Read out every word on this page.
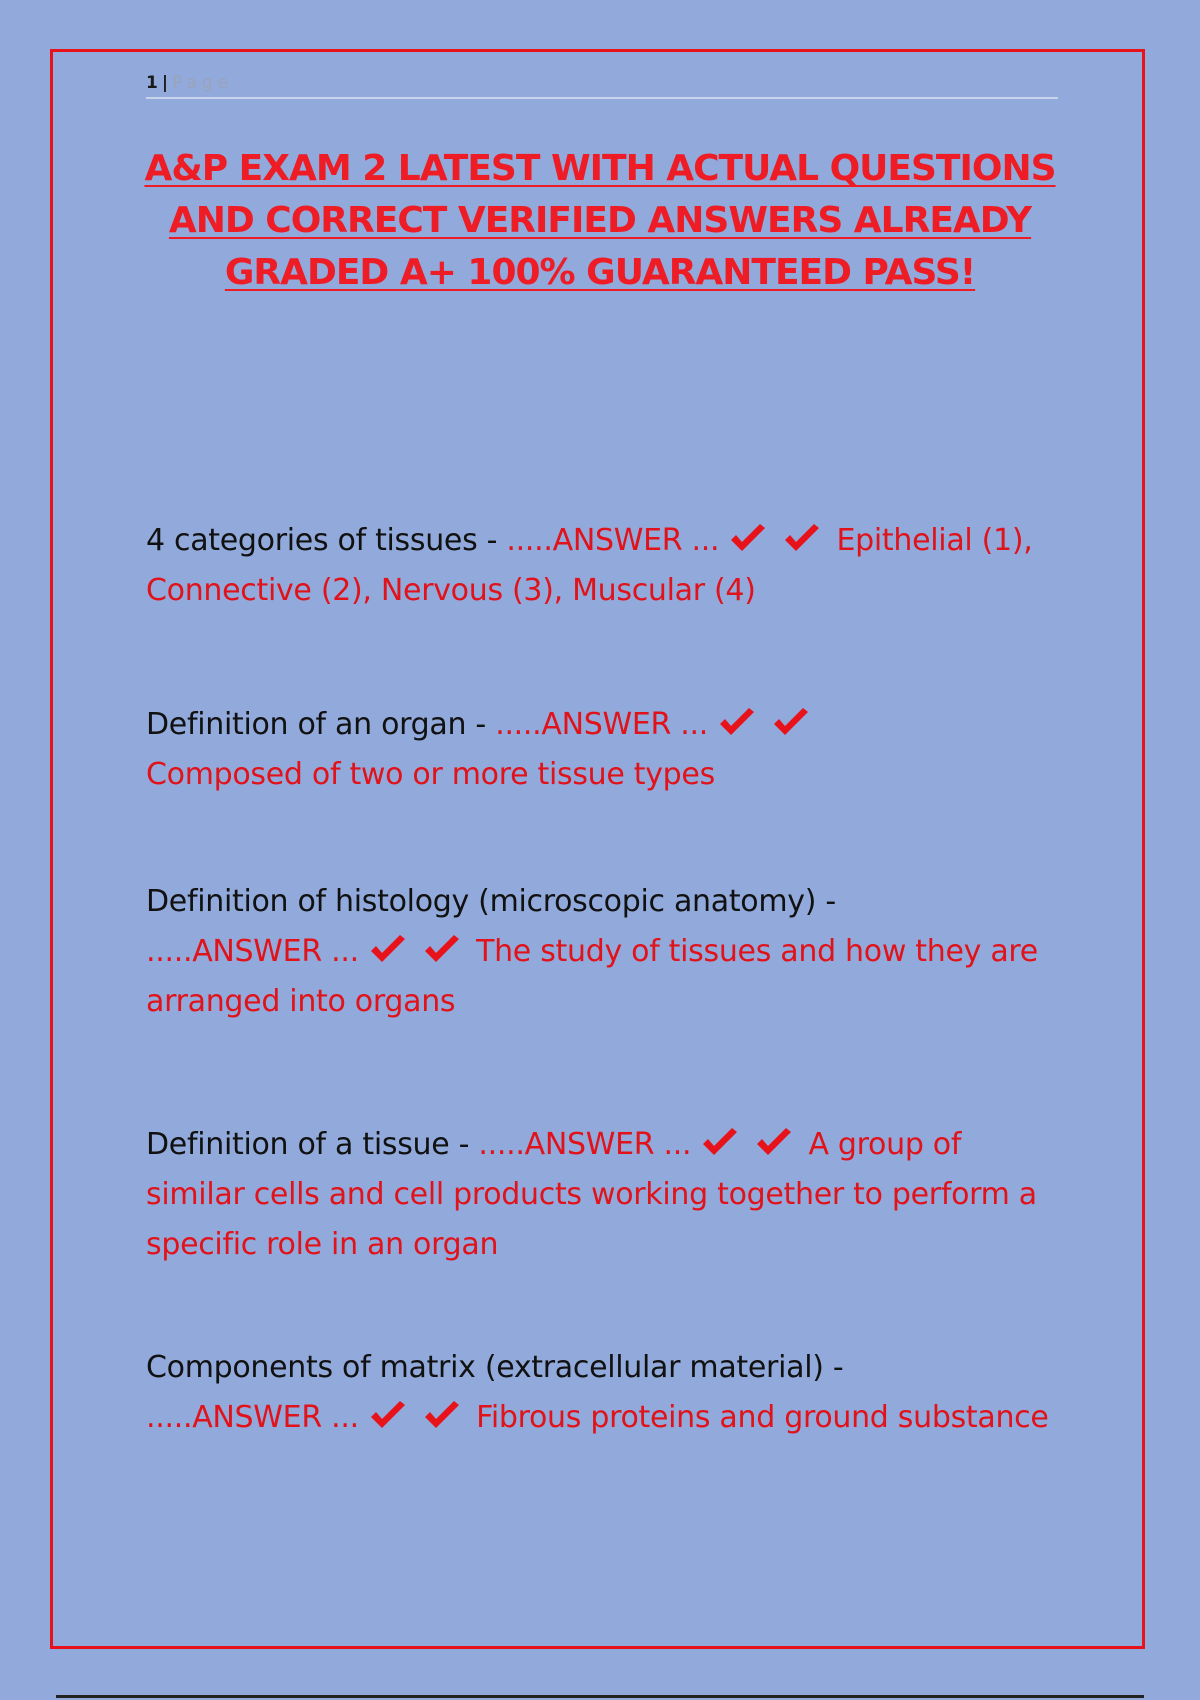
1 | Page
A&P EXAM 2 LATEST WITH ACTUAL QUESTIONS AND CORRECT VERIFIED ANSWERS ALREADY GRADED A+ 100% GUARANTEED PASS!
4 categories of tissues - .....ANSWER ...	Epithelial (1), Connective (2), Nervous (3), Muscular (4)
Definition of an organ - .....ANSWER ...

Composed of two or more tissue types
Definition of histology (microscopic anatomy) -
.....ANSWER ...	The study of tissues and how they are arranged into organs
Definition of a tissue - .....ANSWER ...	A group of similar cells and cell products working together to perform a specific role in an organ
Components of matrix (extracellular material) -
.....ANSWER ...	Fibrous proteins and ground substance
